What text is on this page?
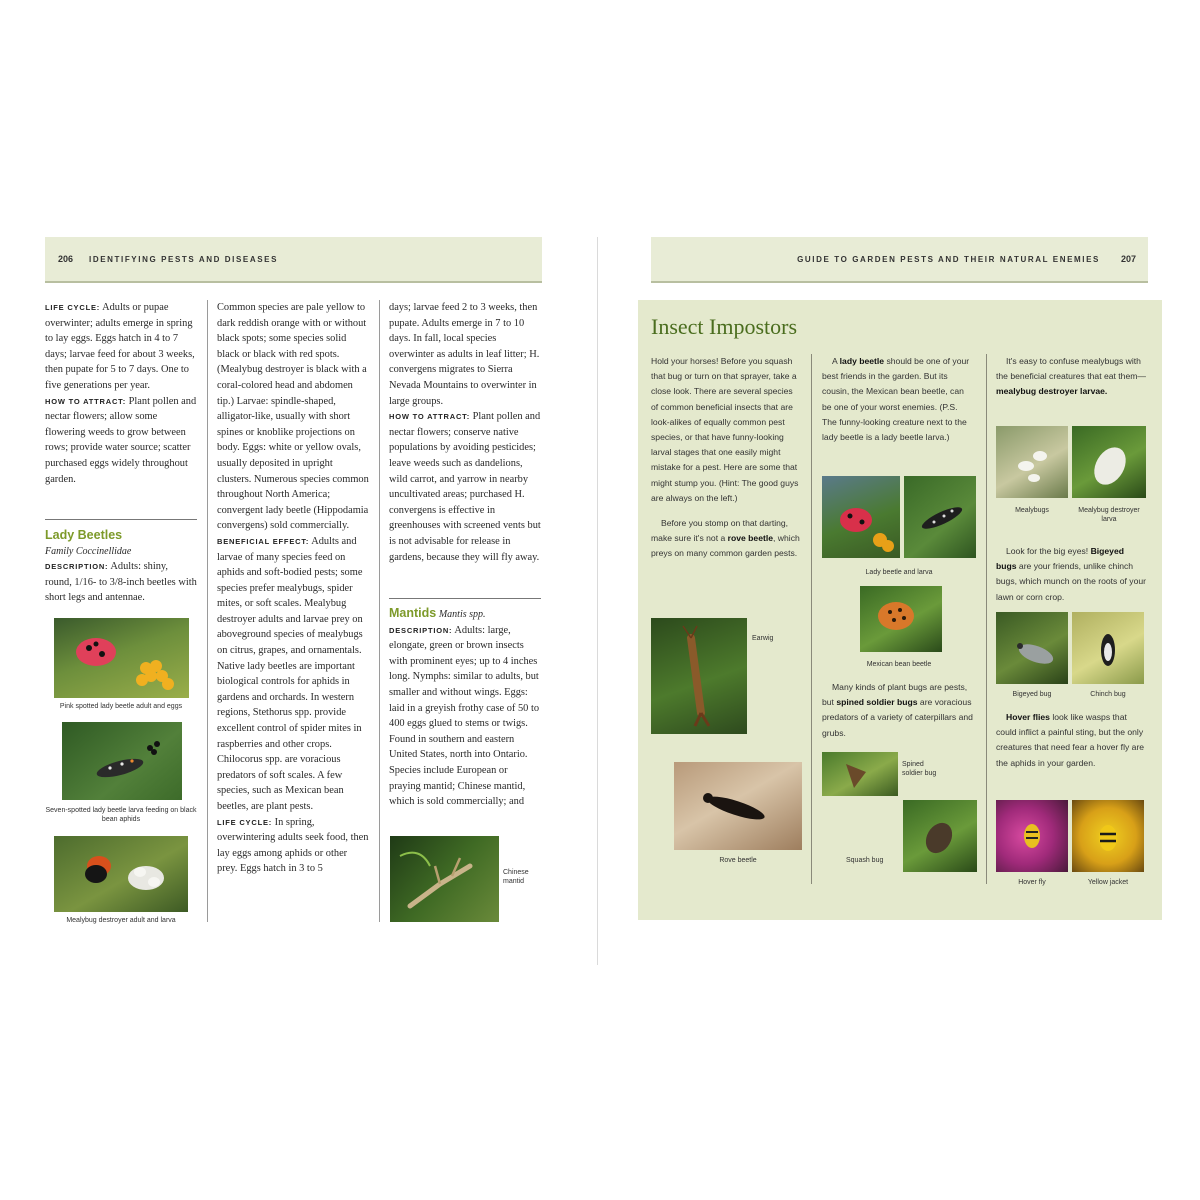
206 IDENTIFYING PESTS AND DISEASES

LIFE CYCLE: Adults or pupae overwinter; adults emerge in spring to lay eggs. Eggs hatch in 4 to 7 days; larvae feed for about 3 weeks, then pupate for 5 to 7 days. One to five generations per year.

HOW TO ATTRACT: Plant pollen and nectar flowers; allow some flowering weeds to grow between rows; provide water source; scatter purchased eggs widely throughout garden.

Lady Beetles

Family Coccinellidae

DESCRIPTION: Adults: shiny, round, 1/16- to 3/8-inch beetles with short legs and antennae.

Pink spotted lady beetle adult and eggs
Seven-spotted lady beetle larva feeding on black bean aphids
Mealybug destroyer adult and larva

Common species are pale yellow to dark reddish orange with or without black spots; some species solid black or black with red spots. (Mealybug destroyer is black with a coral-colored head and abdomen tip.) Larvae: spindle-shaped, alligator-like, usually with short spines or knoblike projections on body. Eggs: white or yellow ovals, usually deposited in upright clusters. Numerous species common throughout North America; convergent lady beetle (Hippodamia convergens) sold commercially.

BENEFICIAL EFFECT: Adults and larvae of many species feed on aphids and soft-bodied pests; some species prefer mealybugs, spider mites, or soft scales. Mealybug destroyer adults and larvae prey on aboveground species of mealybugs on citrus, grapes, and ornamentals. Native lady beetles are important biological controls for aphids in gardens and orchards. In western regions, Stethorus spp. provide excellent control of spider mites in raspberries and other crops. Chilocorus spp. are voracious predators of soft scales. A few species, such as Mexican bean beetles, are plant pests.

LIFE CYCLE: In spring, overwintering adults seek food, then lay eggs among aphids or other prey. Eggs hatch in 3 to 5

days; larvae feed 2 to 3 weeks, then pupate. Adults emerge in 7 to 10 days. In fall, local species overwinter as adults in leaf litter; H. convergens migrates to Sierra Nevada Mountains to overwinter in large groups.

HOW TO ATTRACT: Plant pollen and nectar flowers; conserve native populations by avoiding pesticides; leave weeds such as dandelions, wild carrot, and yarrow in nearby uncultivated areas; purchased H. convergens is effective in greenhouses with screened vents but is not advisable for release in gardens, because they will fly away.

Mantids Mantis spp.

DESCRIPTION: Adults: large, elongate, green or brown insects with prominent eyes; up to 4 inches long. Nymphs: similar to adults, but smaller and without wings. Eggs: laid in a greyish frothy case of 50 to 400 eggs glued to stems or twigs. Found in southern and eastern United States, north into Ontario. Species include European or praying mantid; Chinese mantid, which is sold commercially; and

Chinese mantid
GUIDE TO GARDEN PESTS AND THEIR NATURAL ENEMIES 207
Insect Impostors

Hold your horses! Before you squash that bug or turn on that sprayer, take a close look. There are several species of common beneficial insects that are look-alikes of equally common pest species, or that have funny-looking larval stages that one easily might mistake for a pest. Here are some that might stump you. (Hint: The good guys are always on the left.)

Before you stomp on that darting, make sure it's not a rove beetle, which preys on many common garden pests.

Earwig
Rove beetle

A lady beetle should be one of your best friends in the garden. But its cousin, the Mexican bean beetle, can be one of your worst enemies. (P.S. The funny-looking creature next to the lady beetle is a lady beetle larva.)

Lady beetle and larva
Mexican bean beetle

Many kinds of plant bugs are pests, but spined soldier bugs are voracious predators of a variety of caterpillars and grubs.

Spined soldier bug
Squash bug

It's easy to confuse mealybugs with the beneficial creatures that eat them—mealybug destroyer larvae.

Mealybugs	Mealybug destroyer larva

Look for the big eyes! Bigeyed bugs are your friends, unlike chinch bugs, which munch on the roots of your lawn or corn crop.

Bigeyed bug	Chinch bug

Hover flies look like wasps that could inflict a painful sting, but the only creatures that need fear a hover fly are the aphids in your garden.

Hover fly	Yellow jacket
